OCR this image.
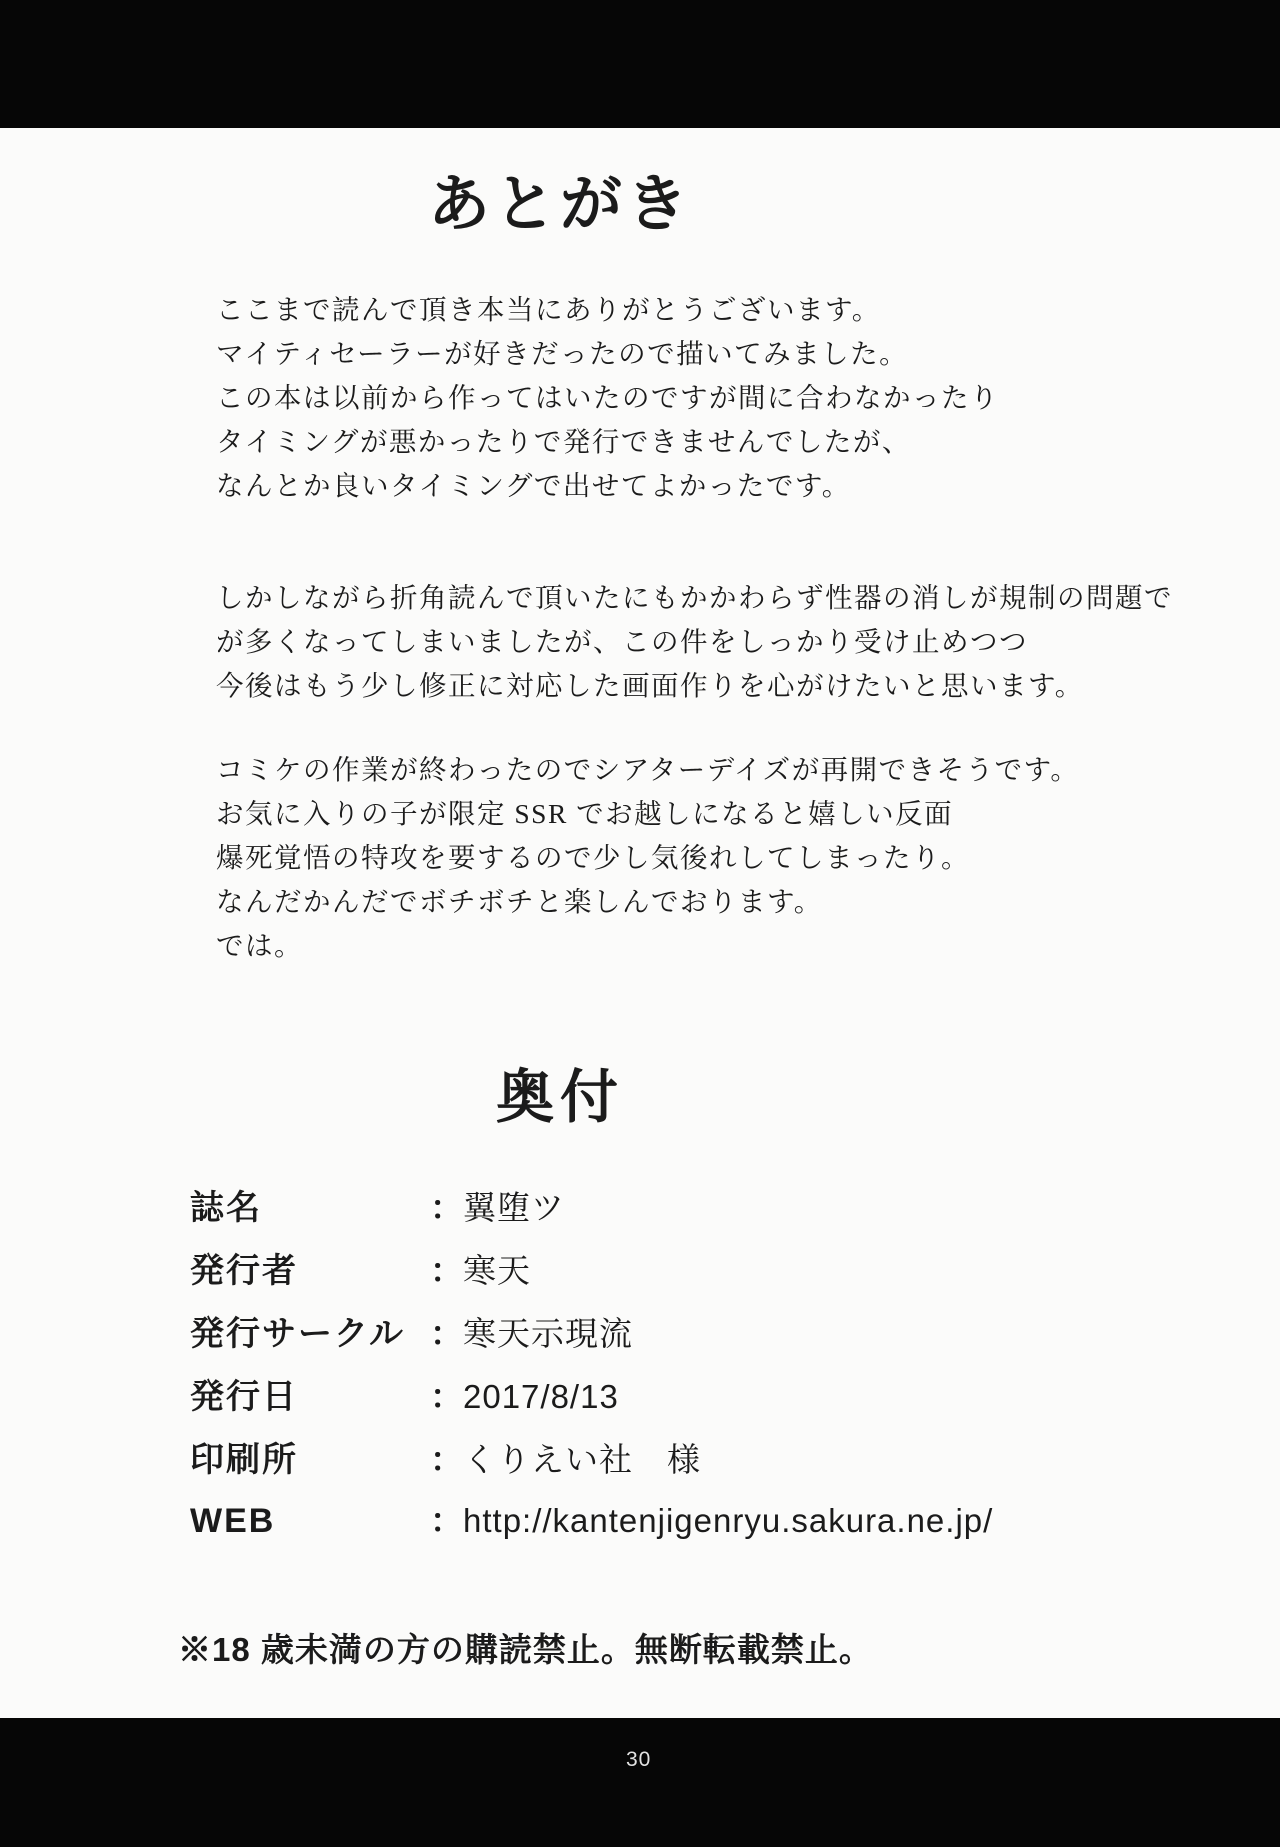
あとがき
ここまで読んで頂き本当にありがとうございます。
マイティセーラーが好きだったので描いてみました。
この本は以前から作ってはいたのですが間に合わなかったり
タイミングが悪かったりで発行できませんでしたが、
なんとか良いタイミングで出せてよかったです。
しかしながら折角読んで頂いたにもかかわらず性器の消しが規制の問題で
が多くなってしまいましたが、この件をしっかり受け止めつつ
今後はもう少し修正に対応した画面作りを心がけたいと思います。
コミケの作業が終わったのでシアターデイズが再開できそうです。
お気に入りの子が限定 SSR でお越しになると嬉しい反面
爆死覚悟の特攻を要するので少し気後れしてしまったり。
なんだかんだでボチボチと楽しんでおります。
では。
奥付
誌名	： 翼堕ツ
発行者	： 寒天
発行サークル ： 寒天示現流
発行日	： 2017/8/13
印刷所	： くりえい社　様
WEB	： http://kantenjigenryu.sakura.ne.jp/
※18 歳未満の方の購読禁止。無断転載禁止。
30
